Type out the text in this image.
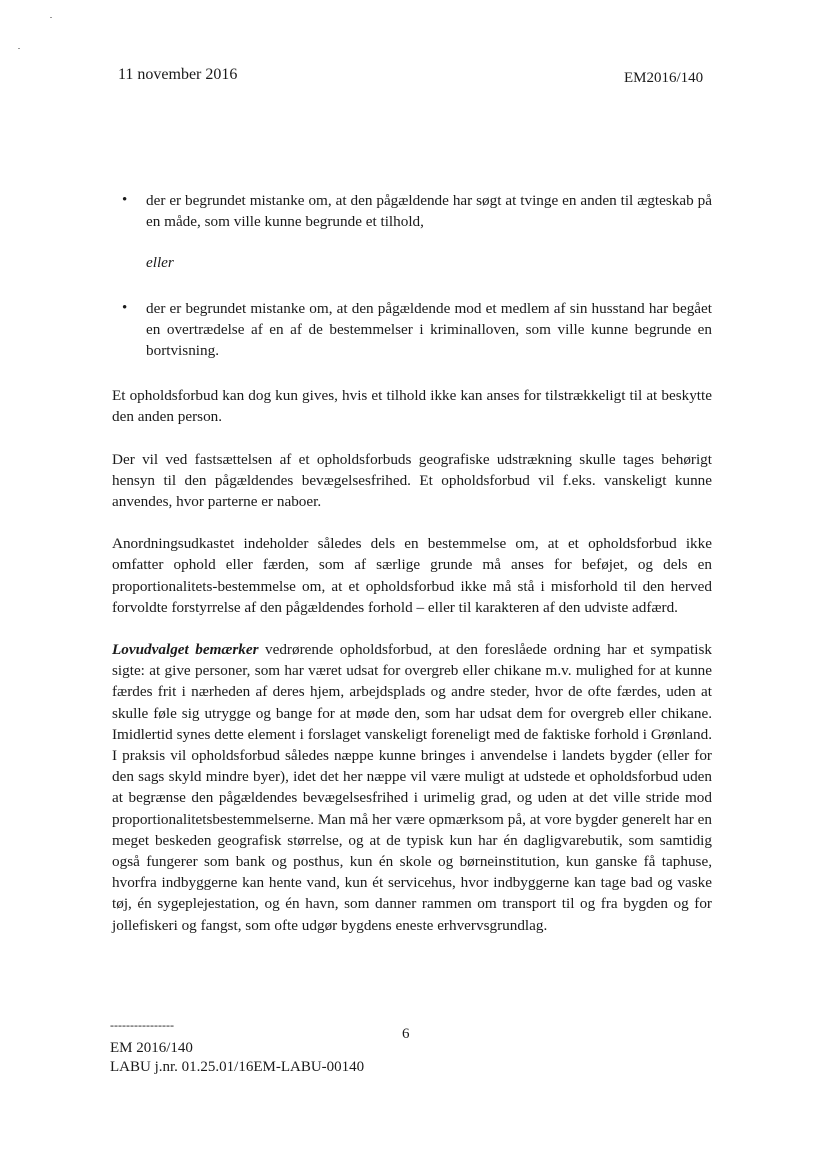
11 november 2016	EM2016/140
• der er begrundet mistanke om, at den pågældende har søgt at tvinge en anden til ægteskab på en måde, som ville kunne begrunde et tilhold,
eller
• der er begrundet mistanke om, at den pågældende mod et medlem af sin husstand har begået en overtrædelse af en af de bestemmelser i kriminalloven, som ville kunne begrunde en bortvisning.
Et opholdsforbud kan dog kun gives, hvis et tilhold ikke kan anses for tilstrækkeligt til at beskytte den anden person.
Der vil ved fastsættelsen af et opholdsforbuds geografiske udstrækning skulle tages behørigt hensyn til den pågældendes bevægelsesfrihed. Et opholdsforbud vil f.eks. vanskeligt kunne anvendes, hvor parterne er naboer.
Anordningsudkastet indeholder således dels en bestemmelse om, at et opholdsforbud ikke omfatter ophold eller færden, som af særlige grunde må anses for beføjet, og dels en proportionalitets-bestemmelse om, at et opholdsforbud ikke må stå i misforhold til den herved forvoldte forstyrrelse af den pågældendes forhold – eller til karakteren af den udviste adfærd.
Lovudvalget bemærker vedrørende opholdsforbud, at den foreslåede ordning har et sympatisk sigte: at give personer, som har været udsat for overgreb eller chikane m.v. mulighed for at kunne færdes frit i nærheden af deres hjem, arbejdsplads og andre steder, hvor de ofte færdes, uden at skulle føle sig utrygge og bange for at møde den, som har udsat dem for overgreb eller chikane. Imidlertid synes dette element i forslaget vanskeligt foreneligt med de faktiske forhold i Grønland. I praksis vil opholdsforbud således næppe kunne bringes i anvendelse i landets bygder (eller for den sags skyld mindre byer), idet det her næppe vil være muligt at udstede et opholdsforbud uden at begrænse den pågældendes bevægelsesfrihed i urimelig grad, og uden at det ville stride mod proportionalitetsbestemmelserne. Man må her være opmærksom på, at vore bygder generelt har en meget beskeden geografisk størrelse, og at de typisk kun har én dagligvarebutik, som samtidig også fungerer som bank og posthus, kun én skole og børneinstitution, kun ganske få taphuse, hvorfra indbyggerne kan hente vand, kun ét servicehus, hvor indbyggerne kan tage bad og vaske tøj, én sygeplejestation, og én havn, som danner rammen om transport til og fra bygden og for jollefiskeri og fangst, som ofte udgør bygdens eneste erhvervsgrundlag.
----------------
6
EM 2016/140
LABU j.nr. 01.25.01/16EM-LABU-00140
